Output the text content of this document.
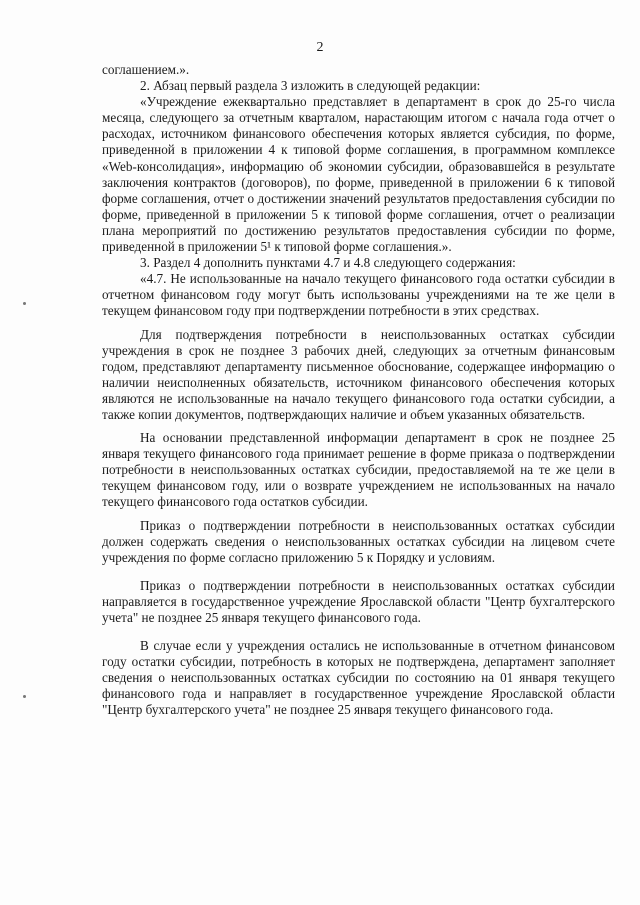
2

соглашением.».

2. Абзац первый раздела 3 изложить в следующей редакции:

«Учреждение ежеквартально представляет в департамент в срок до 25-го числа месяца, следующего за отчетным кварталом, нарастающим итогом с начала года отчет о расходах, источником финансового обеспечения которых является субсидия, по форме, приведенной в приложении 4 к типовой форме соглашения, в программном комплексе «Web-консолидация», информацию об экономии субсидии, образовавшейся в результате заключения контрактов (договоров), по форме, приведенной в приложении 6 к типовой форме соглашения, отчет о достижении значений результатов предоставления субсидии по форме, приведенной в приложении 5 к типовой форме соглашения, отчет о реализации плана мероприятий по достижению результатов предоставления субсидии по форме, приведенной в приложении 5¹ к типовой форме соглашения.».

3. Раздел 4 дополнить пунктами 4.7 и 4.8 следующего содержания:

«4.7. Не использованные на начало текущего финансового года остатки субсидии в отчетном финансовом году могут быть использованы учреждениями на те же цели в текущем финансовом году при подтверждении потребности в этих средствах.

Для подтверждения потребности в неиспользованных остатках субсидии учреждения в срок не позднее 3 рабочих дней, следующих за отчетным финансовым годом, представляют департаменту письменное обоснование, содержащее информацию о наличии неисполненных обязательств, источником финансового обеспечения которых являются не использованные на начало текущего финансового года остатки субсидии, а также копии документов, подтверждающих наличие и объем указанных обязательств.

На основании представленной информации департамент в срок не позднее 25 января текущего финансового года принимает решение в форме приказа о подтверждении потребности в неиспользованных остатках субсидии, предоставляемой на те же цели в текущем финансовом году, или о возврате учреждением не использованных на начало текущего финансового года остатков субсидии.

Приказ о подтверждении потребности в неиспользованных остатках субсидии должен содержать сведения о неиспользованных остатках субсидии на лицевом счете учреждения по форме согласно приложению 5 к Порядку и условиям.

Приказ о подтверждении потребности в неиспользованных остатках субсидии направляется в государственное учреждение Ярославской области "Центр бухгалтерского учета" не позднее 25 января текущего финансового года.

В случае если у учреждения остались не использованные в отчетном финансовом году остатки субсидии, потребность в которых не подтверждена, департамент заполняет сведения о неиспользованных остатках субсидии по состоянию на 01 января текущего финансового года и направляет в государственное учреждение Ярославской области "Центр бухгалтерского учета" не позднее 25 января текущего финансового года.
